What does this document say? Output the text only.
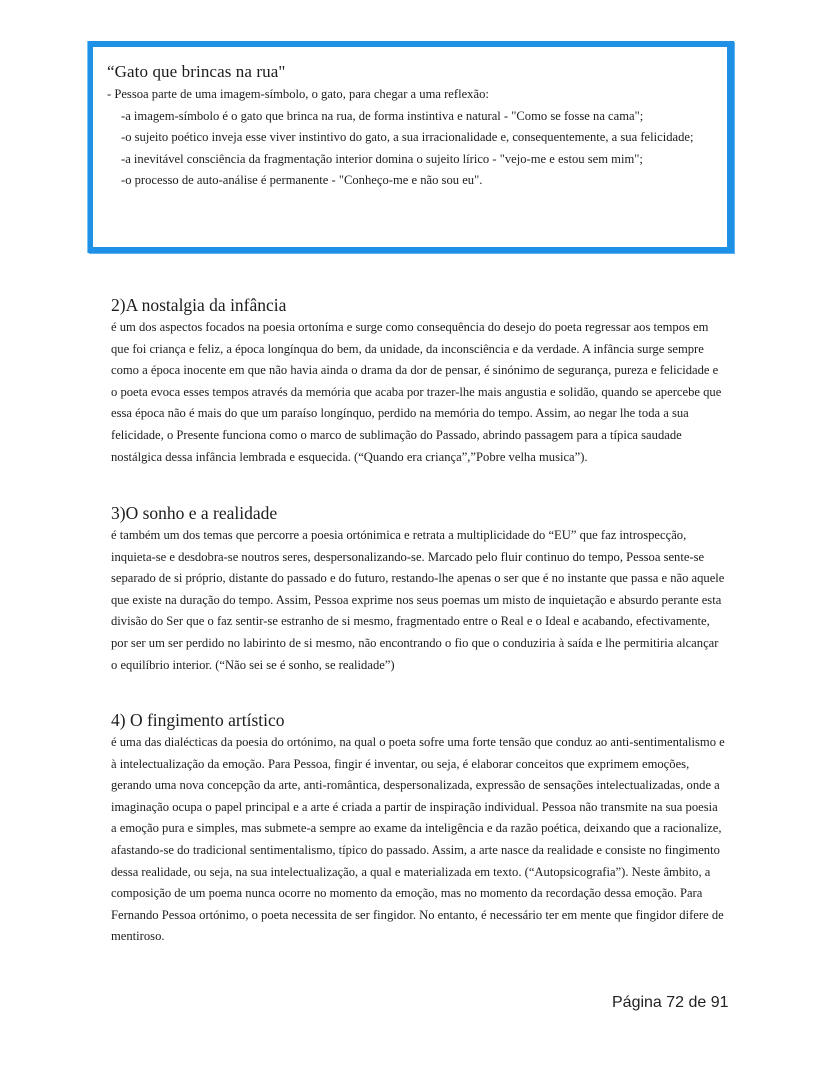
“Gato que brincas na rua"
- Pessoa parte de uma imagem-símbolo, o gato, para chegar a uma reflexão:
-a imagem-símbolo é o gato que brinca na rua, de forma instintiva e natural - "Como se fosse na cama";
-o sujeito poético inveja esse viver instintivo do gato, a sua irracionalidade e, consequentemente, a sua felicidade;
-a inevitável consciência da fragmentação interior domina o sujeito lírico - "vejo-me e estou sem mim";
-o processo de auto-análise é permanente - "Conheço-me e não sou eu".
2)A nostalgia da infância

é um dos aspectos focados na poesia ortoníma e surge como consequência do desejo do poeta regressar aos tempos em que foi criança e feliz, a época longínqua do bem, da unidade, da inconsciência e da verdade. A infância surge sempre como a época inocente em que não havia ainda o drama da dor de pensar, é sinónimo de segurança, pureza e felicidade e o poeta evoca esses tempos através da memória que acaba por trazer-lhe mais angustia e solidão, quando se apercebe que essa época não é mais do que um paraíso longínquo, perdido na memória do tempo. Assim, ao negar lhe toda a sua felicidade, o Presente funciona como o marco de sublimação do Passado, abrindo passagem para a típica saudade nostálgica dessa infância lembrada e esquecida. (“Quando era criança”,”Pobre velha musica”).

3)O sonho e a realidade

é também um dos temas que percorre a poesia ortónimica e retrata a multiplicidade do “EU” que faz introspecção, inquieta-se e desdobra-se noutros seres, despersonalizando-se. Marcado pelo fluir continuo do tempo, Pessoa sente-se separado de si próprio, distante do passado e do futuro, restando-lhe apenas o ser que é no instante que passa e não aquele que existe na duração do tempo. Assim, Pessoa exprime nos seus poemas um misto de inquietação e absurdo perante esta divisão do Ser que o faz sentir-se estranho de si mesmo, fragmentado entre o Real e o Ideal e acabando, efectivamente, por ser um ser perdido no labirinto de si mesmo, não encontrando o fio que o conduziria à saída e lhe permitiria alcançar o equilíbrio interior. (“Não sei se é sonho, se realidade”)

4) O fingimento artístico

é uma das dialécticas da poesia do ortónimo, na qual o poeta sofre uma forte tensão que conduz ao anti-sentimentalismo e à intelectualização da emoção. Para Pessoa, fingir é inventar, ou seja, é elaborar conceitos que exprimem emoções, gerando uma nova concepção da arte, anti-romântica, despersonalizada, expressão de sensações intelectualizadas, onde a imaginação ocupa o papel principal e a arte é criada a partir de inspiração individual. Pessoa não transmite na sua poesia a emoção pura e simples, mas submete-a sempre ao exame da inteligência e da razão poética, deixando que a racionalize, afastando-se do tradicional sentimentalismo, típico do passado. Assim, a arte nasce da realidade e consiste no fingimento dessa realidade, ou seja, na sua intelectualização, a qual e materializada em texto. (“Autopsicografia”). Neste âmbito, a composição de um poema nunca ocorre no momento da emoção, mas no momento da recordação dessa emoção. Para Fernando Pessoa ortónimo, o poeta necessita de ser fingidor. No entanto, é necessário ter em mente que fingidor difere de mentiroso.

Página 72 de 91
